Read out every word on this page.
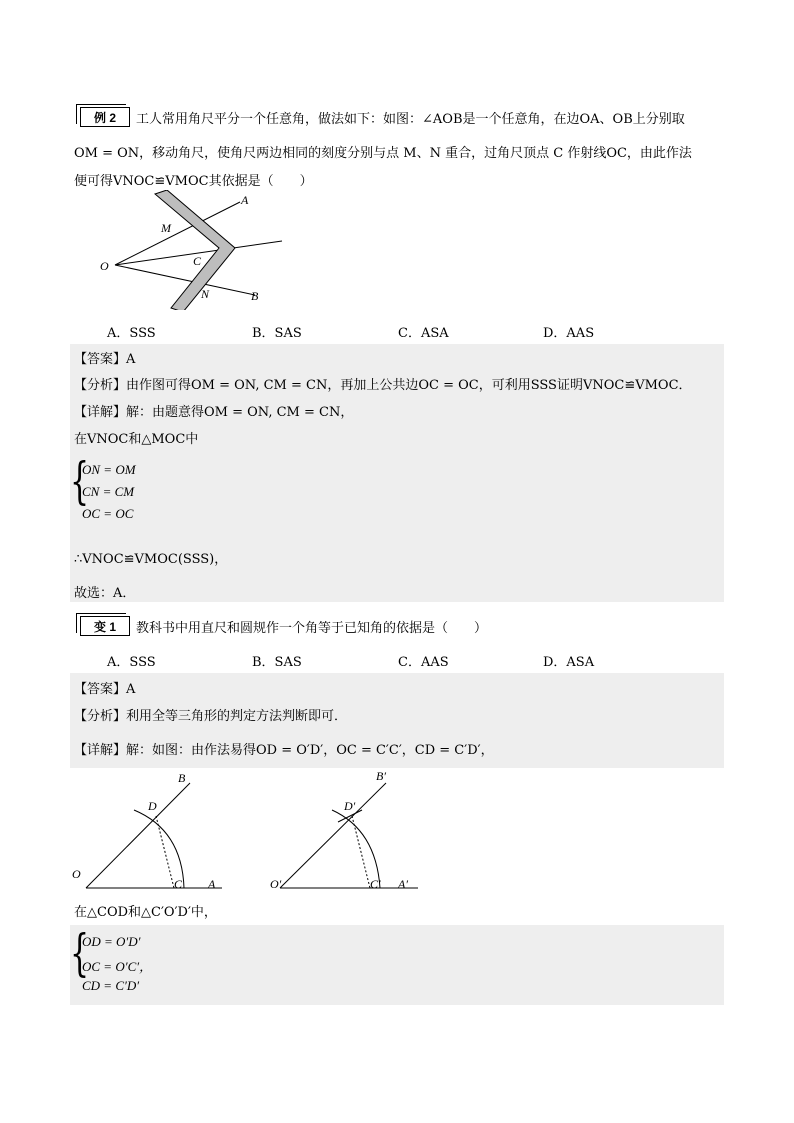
例 2	工人常用角尺平分一个任意角，做法如下：如图：∠AOB是一个任意角，在边OA、OB上分别取
OM = ON，移动角尺，使角尺两边相同的刻度分别与点 M、N 重合，过角尺顶点 C 作射线OC，由此作法
便可得VNOC≌VMOC其依据是（　　）
A
B
O
M
N
C
A．SSS	B．SAS	C．ASA	D．AAS
【答案】A
【分析】由作图可得OM = ON, CM = CN，再加上公共边OC = OC，可利用SSS证明VNOC≌VMOC．
【详解】解：由题意得OM = ON, CM = CN，
在VNOC和△MOC中
{
ON = OM
CN = CM
OC = OC
∴VNOC≌VMOC(SSS)，
故选：A．
变 1	教科书中用直尺和圆规作一个角等于已知角的依据是（　　）
A．SSS	B．SAS	C．AAS	D．ASA
【答案】A
【分析】利用全等三角形的判定方法判断即可．
【详解】解：如图：由作法易得OD = O′D′，OC = C′C′，CD = C′D′，
B
D
O
C A
B′
D′
O′	C′ A′
在△COD和△C′O′D′中，
{
OD = O′D′
OC = O′C′，
CD = C′D′
